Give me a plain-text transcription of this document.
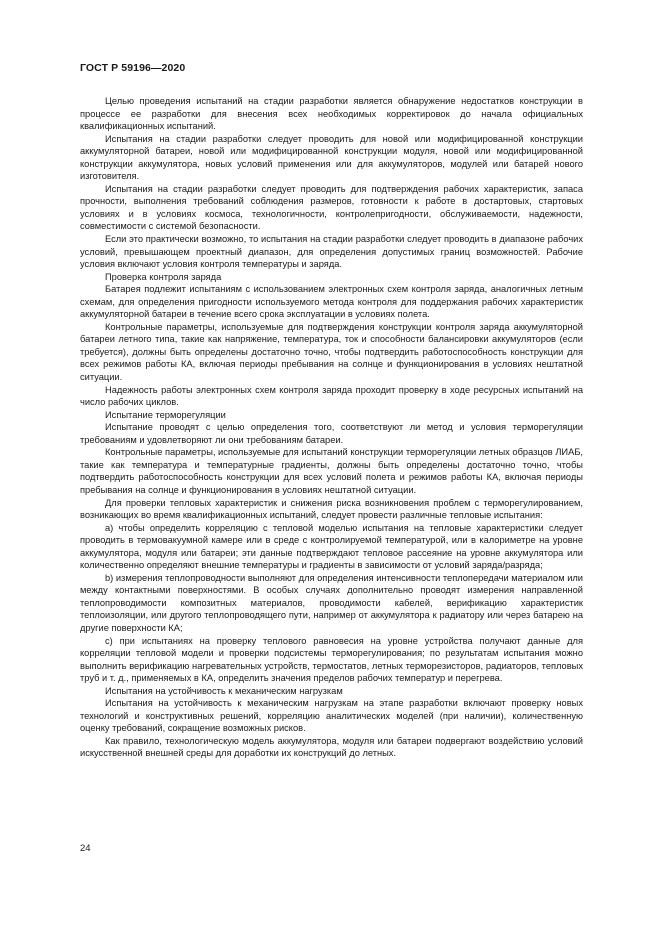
ГОСТ Р 59196—2020

Целью проведения испытаний на стадии разработки является обнаружение недостатков конструкции в процессе ее разработки для внесения всех необходимых корректировок до начала официальных квалификационных испытаний.

Испытания на стадии разработки следует проводить для новой или модифицированной конструкции аккумуляторной батареи, новой или модифицированной конструкции модуля, новой или модифицированной конструкции аккумулятора, новых условий применения или для аккумуляторов, модулей или батарей нового изготовителя.

Испытания на стадии разработки следует проводить для подтверждения рабочих характеристик, запаса прочности, выполнения требований соблюдения размеров, готовности к работе в достартовых, стартовых условиях и в условиях космоса, технологичности, контролепригодности, обслуживаемости, надежности, совместимости с системой безопасности.

Если это практически возможно, то испытания на стадии разработки следует проводить в диапазоне рабочих условий, превышающем проектный диапазон, для определения допустимых границ возможностей. Рабочие условия включают условия контроля температуры и заряда.

Проверка контроля заряда

Батарея подлежит испытаниям с использованием электронных схем контроля заряда, аналогичных летным схемам, для определения пригодности используемого метода контроля для поддержания рабочих характеристик аккумуляторной батареи в течение всего срока эксплуатации в условиях полета.

Контрольные параметры, используемые для подтверждения конструкции контроля заряда аккумуляторной батареи летного типа, такие как напряжение, температура, ток и способности балансировки аккумуляторов (если требуется), должны быть определены достаточно точно, чтобы подтвердить работоспособность конструкции для всех режимов работы КА, включая периоды пребывания на солнце и функционирования в условиях нештатной ситуации.

Надежность работы электронных схем контроля заряда проходит проверку в ходе ресурсных испытаний на число рабочих циклов.

Испытание терморегуляции

Испытание проводят с целью определения того, соответствуют ли метод и условия терморегуляции требованиям и удовлетворяют ли они требованиям батареи.

Контрольные параметры, используемые для испытаний конструкции терморегуляции летных образцов ЛИАБ, такие как температура и температурные градиенты, должны быть определены достаточно точно, чтобы подтвердить работоспособность конструкции для всех условий полета и режимов работы КА, включая периоды пребывания на солнце и функционирования в условиях нештатной ситуации.

Для проверки тепловых характеристик и снижения риска возникновения проблем с терморегулированием, возникающих во время квалификационных испытаний, следует провести различные тепловые испытания:

а) чтобы определить корреляцию с тепловой моделью испытания на тепловые характеристики следует проводить в термовакуумной камере или в среде с контролируемой температурой, или в калориметре на уровне аккумулятора, модуля или батареи; эти данные подтверждают тепловое рассеяние на уровне аккумулятора или количественно определяют внешние температуры и градиенты в зависимости от условий заряда/разряда;

b) измерения теплопроводности выполняют для определения интенсивности теплопередачи материалом или между контактными поверхностями. В особых случаях дополнительно проводят измерения направленной теплопроводимости композитных материалов, проводимости кабелей, верификацию характеристик теплоизоляции, или другого теплопроводящего пути, например от аккумулятора к радиатору или через батарею на другие поверхности КА;

с) при испытаниях на проверку теплового равновесия на уровне устройства получают данные для корреляции тепловой модели и проверки подсистемы терморегулирования; по результатам испытания можно выполнить верификацию нагревательных устройств, термостатов, летных терморезисторов, радиаторов, тепловых труб и т. д., применяемых в КА, определить значения пределов рабочих температур и перегрева.

Испытания на устойчивость к механическим нагрузкам

Испытания на устойчивость к механическим нагрузкам на этапе разработки включают проверку новых технологий и конструктивных решений, корреляцию аналитических моделей (при наличии), количественную оценку требований, сокращение возможных рисков.

Как правило, технологическую модель аккумулятора, модуля или батареи подвергают воздействию условий искусственной внешней среды для доработки их конструкций до летных.

24
